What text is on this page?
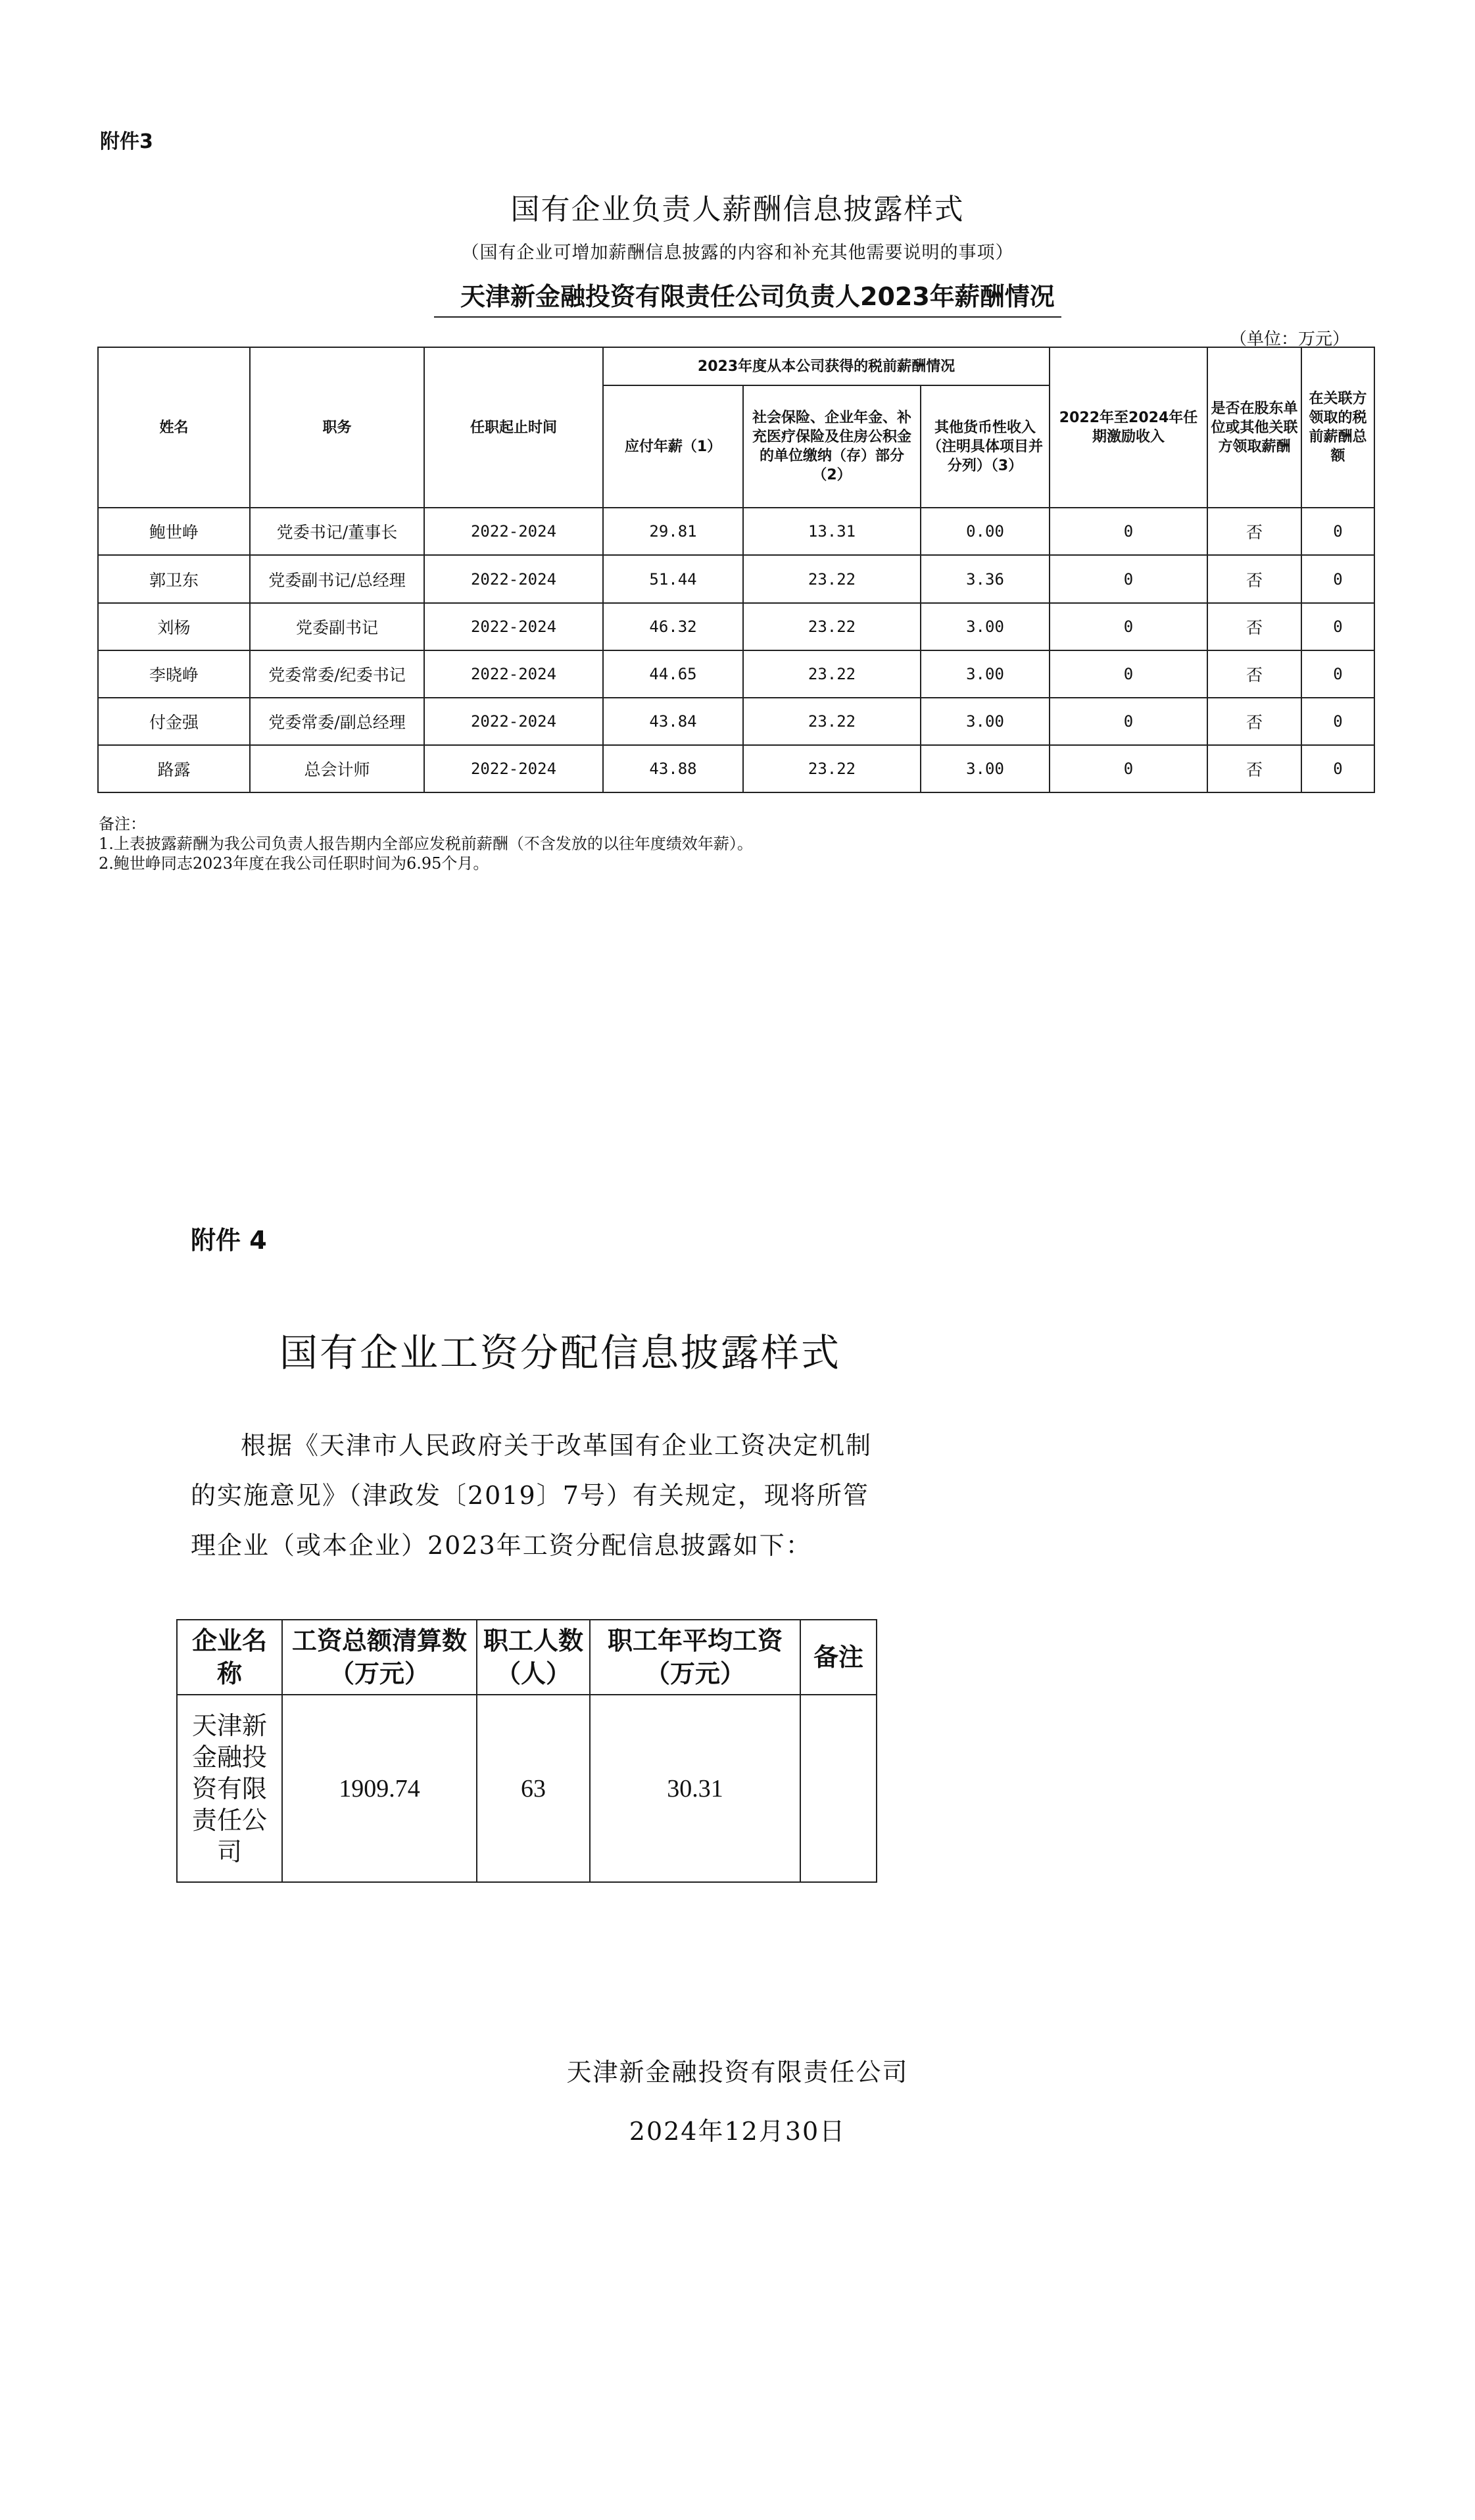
附件3
国有企业负责人薪酬信息披露样式
（国有企业可增加薪酬信息披露的内容和补充其他需要说明的事项）
天津新金融投资有限责任公司负责人2023年薪酬情况
（单位：万元）
姓名	职务	任职起止时间	2023年度从本公司获得的税前薪酬情况			2022年至2024年任期激励收入	是否在股东单位或其他关联方领取薪酬	在关联方领取的税前薪酬总额
			应付年薪（1）	社会保险、企业年金、补充医疗保险及住房公积金的单位缴纳（存）部分（2）	其他货币性收入（注明具体项目并分列）（3）			
鲍世峥	党委书记/董事长	2022-2024	29.81	13.31	0.00	0	否	0
郭卫东	党委副书记/总经理	2022-2024	51.44	23.22	3.36	0	否	0
刘杨	党委副书记	2022-2024	46.32	23.22	3.00	0	否	0
李晓峥	党委常委/纪委书记	2022-2024	44.65	23.22	3.00	0	否	0
付金强	党委常委/副总经理	2022-2024	43.84	23.22	3.00	0	否	0
路露	总会计师	2022-2024	43.88	23.22	3.00	0	否	0
备注：
1.上表披露薪酬为我公司负责人报告期内全部应发税前薪酬（不含发放的以往年度绩效年薪）。
2.鲍世峥同志2023年度在我公司任职时间为6.95个月。
附件 4
国有企业工资分配信息披露样式
根据《天津市人民政府关于改革国有企业工资决定机制的实施意见》（津政发〔2019〕7号）有关规定，现将所管理企业（或本企业）2023年工资分配信息披露如下：
企业名称	工资总额清算数（万元）	职工人数（人）	职工年平均工资（万元）	备注
天津新金融投资有限责任公司	1909.74	63	30.31	
天津新金融投资有限责任公司
2024年12月30日
